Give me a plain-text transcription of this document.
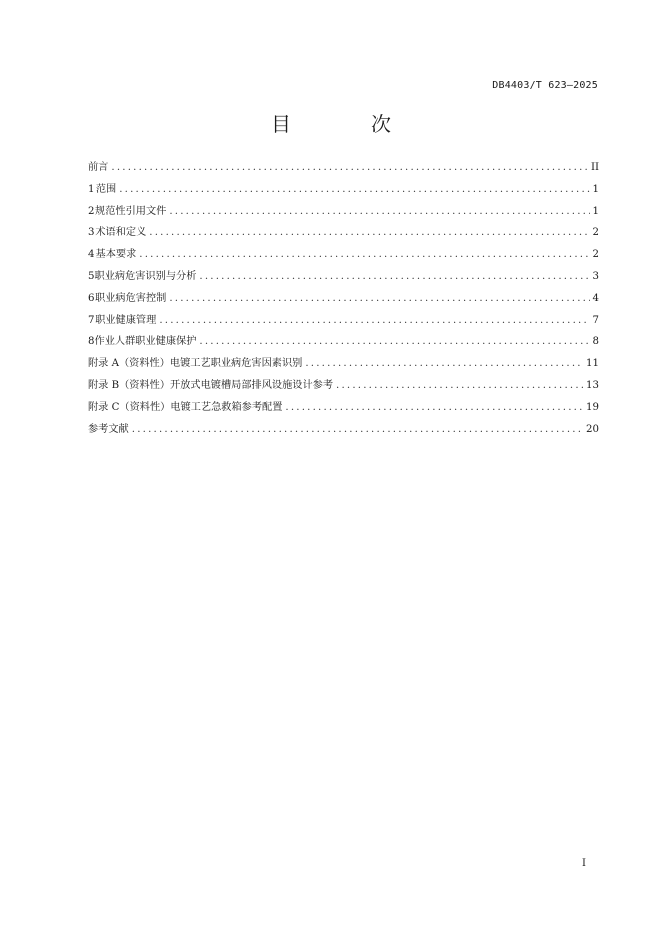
DB4403/T 623—2025
目　次
前言 .....	II
1 范围 .....	1
2 规范性引用文件 .....	1
3 术语和定义 .....	2
4 基本要求 .....	2
5 职业病危害识别与分析 .....	3
6 职业病危害控制 .....	4
7 职业健康管理 .....	7
8 作业人群职业健康保护 .....	8
附录 A（资料性） 电镀工艺职业病危害因素识别 .....	11
附录 B（资料性） 开放式电镀槽局部排风设施设计参考 .....	13
附录 C（资料性） 电镀工艺急救箱参考配置 .....	19
参考文献 .....	20
I
